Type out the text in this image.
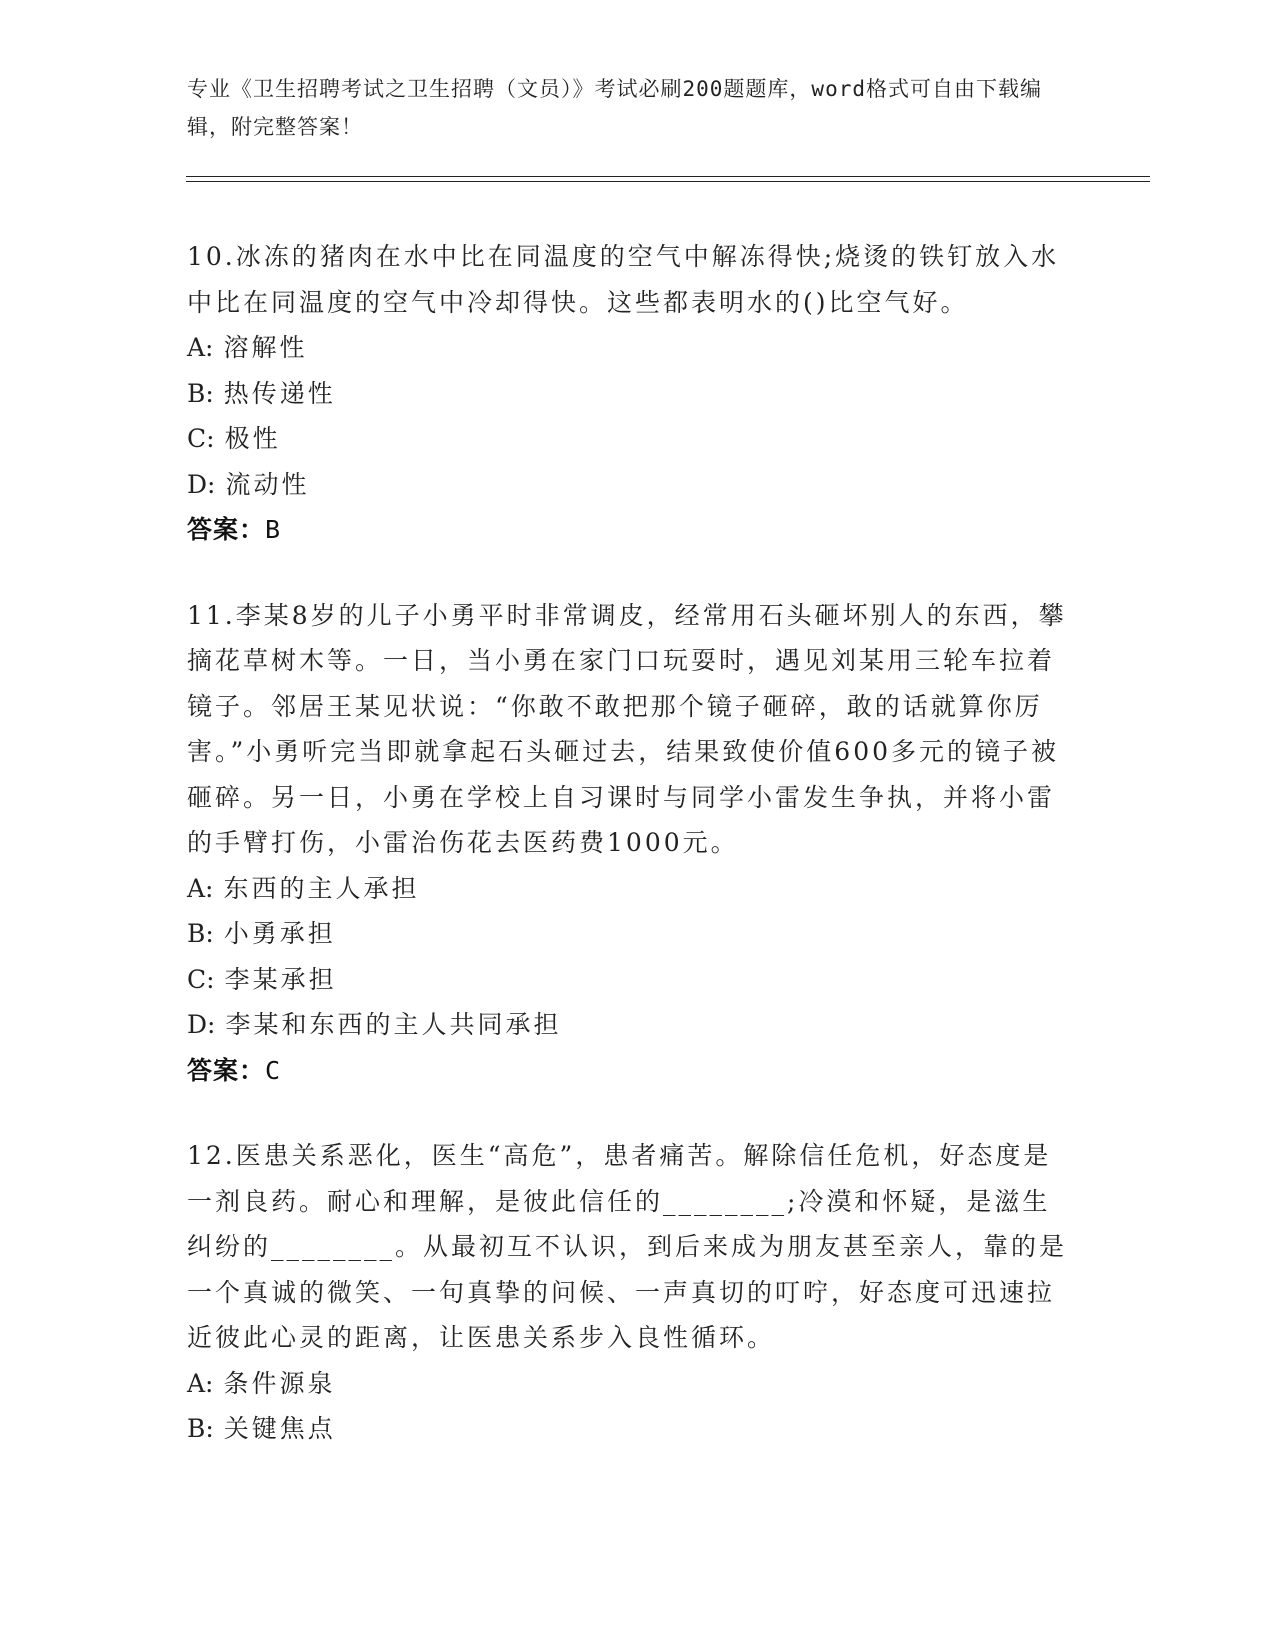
专业《卫生招聘考试之卫生招聘（文员）》考试必刷200题题库，word格式可自由下载编辑，附完整答案！

10.冰冻的猪肉在水中比在同温度的空气中解冻得快;烧烫的铁钉放入水中比在同温度的空气中冷却得快。这些都表明水的()比空气好。

A: 溶解性

B: 热传递性

C: 极性

D: 流动性

答案：B

11.李某8岁的儿子小勇平时非常调皮，经常用石头砸坏别人的东西，攀摘花草树木等。一日，当小勇在家门口玩耍时，遇见刘某用三轮车拉着镜子。邻居王某见状说：“你敢不敢把那个镜子砸碎，敢的话就算你厉害。”小勇听完当即就拿起石头砸过去，结果致使价值600多元的镜子被砸碎。另一日，小勇在学校上自习课时与同学小雷发生争执，并将小雷的手臂打伤，小雷治伤花去医药费1000元。

A: 东西的主人承担

B: 小勇承担

C: 李某承担

D: 李某和东西的主人共同承担

答案：C

12.医患关系恶化，医生“高危”，患者痛苦。解除信任危机，好态度是一剂良药。耐心和理解，是彼此信任的________;冷漠和怀疑，是滋生纠纷的________。从最初互不认识，到后来成为朋友甚至亲人，靠的是一个真诚的微笑、一句真挚的问候、一声真切的叮咛，好态度可迅速拉近彼此心灵的距离，让医患关系步入良性循环。

A: 条件源泉

B: 关键焦点
